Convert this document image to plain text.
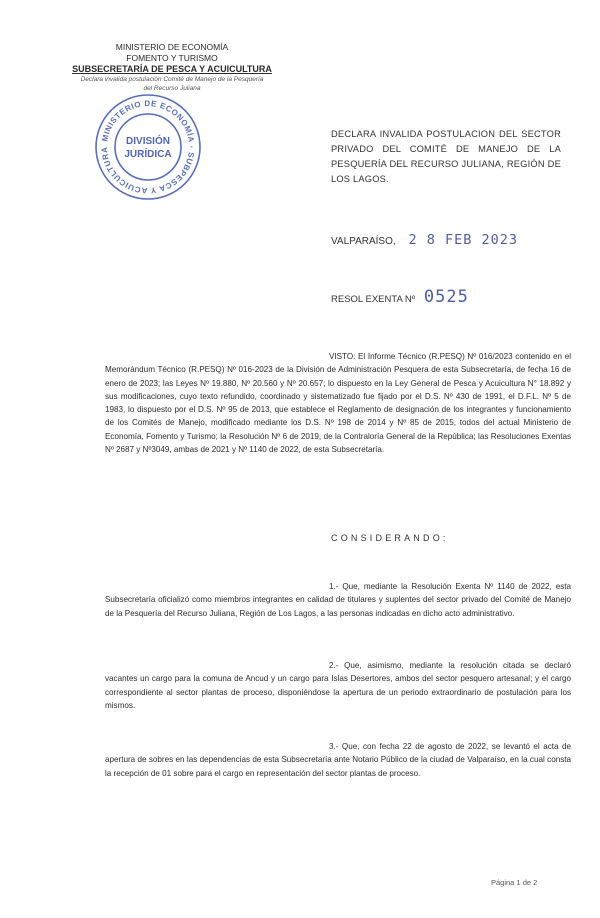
MINISTERIO DE ECONOMÍA
FOMENTO Y TURISMO
SUBSECRETARÍA DE PESCA Y ACUICULTURA
Declara invalida postulación Comité de Manejo de la Pesquería
del Recurso Juliana
MINISTERIO DE ECONOMÍA · SUBPESCA Y ACUICULTURA
DIVISIÓN
JURÍDICA
DECLARA INVALIDA POSTULACION DEL SECTOR PRIVADO DEL COMITÉ DE MANEJO DE LA PESQUERÍA DEL RECURSO JULIANA, REGIÓN DE LOS LAGOS.
VALPARAÍSO, 2 8 FEB 2023
RESOL EXENTA Nº 0525
VISTO: El Informe Técnico (R.PESQ) Nº 016/2023 contenido en el Memorándum Técnico (R.PESQ) Nº 016-2023 de la División de Administración Pesquera de esta Subsecretaría, de fecha 16 de enero de 2023; las Leyes Nº 19.880, Nº 20.560 y Nº 20.657; lo dispuesto en la Ley General de Pesca y Acuicultura N° 18.892 y sus modificaciones, cuyo texto refundido, coordinado y sistematizado fue fijado por el D.S. Nº 430 de 1991, el D.F.L. Nº 5 de 1983, lo dispuesto por el D.S. Nº 95 de 2013, que establece el Reglamento de designación de los integrantes y funcionamiento de los Comités de Manejo, modificado mediante los D.S. Nº 198 de 2014 y Nº 85 de 2015, todos del actual Ministerio de Economía, Fomento y Turismo; la Resolución Nº 6 de 2019, de la Contraloría General de la República; las Resoluciones Exentas Nº 2687 y Nº3049, ambas de 2021 y Nº 1140 de 2022, de esta Subsecretaría.
CONSIDERANDO:
1.- Que, mediante la Resolución Exenta Nº 1140 de 2022, esta Subsecretaría oficializó como miembros integrantes en calidad de titulares y suplentes del sector privado del Comité de Manejo de la Pesquería del Recurso Juliana, Región de Los Lagos, a las personas indicadas en dicho acto administrativo.
2.- Que, asimismo, mediante la resolución citada se declaró vacantes un cargo para la comuna de Ancud y un cargo para Islas Desertores, ambos del sector pesquero artesanal; y el cargo correspondiente al sector plantas de proceso, disponiéndose la apertura de un periodo extraordinario de postulación para los mismos.
3.- Que, con fecha 22 de agosto de 2022, se levantó el acta de apertura de sobres en las dependencias de esta Subsecretaría ante Notario Público de la ciudad de Valparaíso, en la cual consta la recepción de 01 sobre para el cargo en representación del sector plantas de proceso.
Página 1 de 2
